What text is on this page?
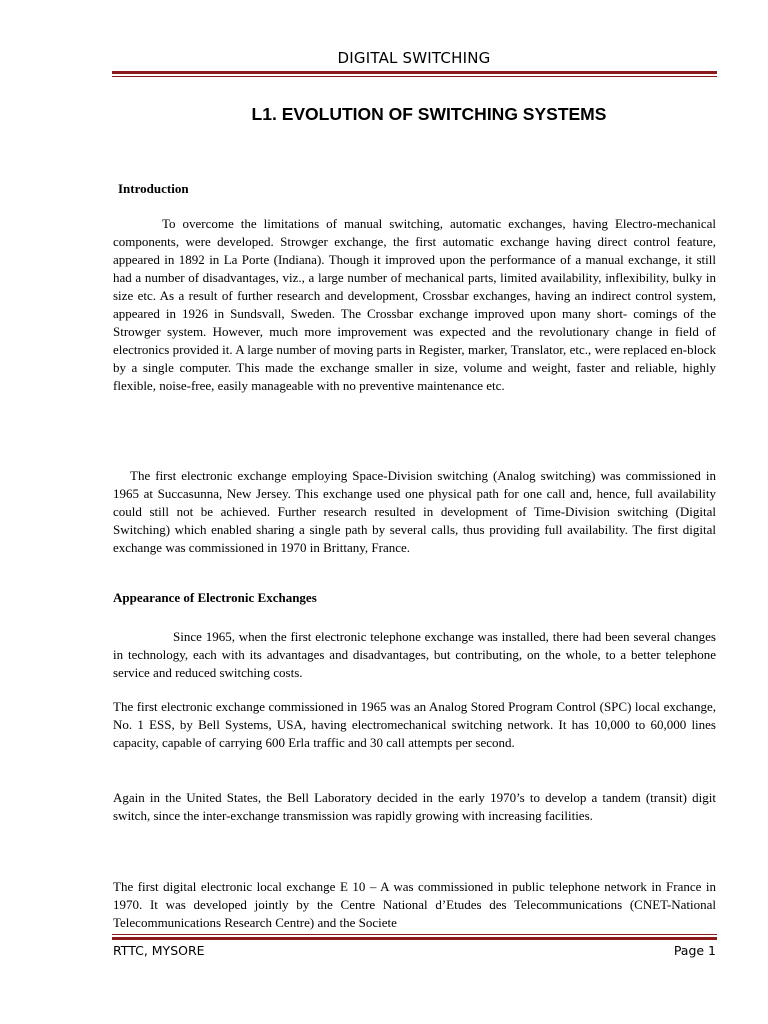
DIGITAL SWITCHING
L1. EVOLUTION OF SWITCHING SYSTEMS
Introduction

To overcome the limitations of manual switching, automatic exchanges, having Electro-mechanical components, were developed. Strowger exchange, the first automatic exchange having direct control feature, appeared in 1892 in La Porte (Indiana). Though it improved upon the performance of a manual exchange, it still had a number of disadvantages, viz., a large number of mechanical parts, limited availability, inflexibility, bulky in size etc. As a result of further research and development, Crossbar exchanges, having an indirect control system, appeared in 1926 in Sundsvall, Sweden. The Crossbar exchange improved upon many short- comings of the Strowger system. However, much more improvement was expected and the revolutionary change in field of electronics provided it. A large number of moving parts in Register, marker, Translator, etc., were replaced en-block by a single computer. This made the exchange smaller in size, volume and weight, faster and reliable, highly flexible, noise-free, easily manageable with no preventive maintenance etc.

The first electronic exchange employing Space-Division switching (Analog switching) was commissioned in 1965 at Succasunna, New Jersey. This exchange used one physical path for one call and, hence, full availability could still not be achieved. Further research resulted in development of Time-Division switching (Digital Switching) which enabled sharing a single path by several calls, thus providing full availability. The first digital exchange was commissioned in 1970 in Brittany, France.

Appearance of Electronic Exchanges

Since 1965, when the first electronic telephone exchange was installed, there had been several changes in technology, each with its advantages and disadvantages, but contributing, on the whole, to a better telephone service and reduced switching costs.

The first electronic exchange commissioned in 1965 was an Analog Stored Program Control (SPC) local exchange, No. 1 ESS, by Bell Systems, USA, having electromechanical switching network. It has 10,000 to 60,000 lines capacity, capable of carrying 600 Erla traffic and 30 call attempts per second.

Again in the United States, the Bell Laboratory decided in the early 1970’s to develop a tandem (transit) digit switch, since the inter-exchange transmission was rapidly growing with increasing facilities.

The first digital electronic local exchange E 10 – A was commissioned in public telephone network in France in 1970. It was developed jointly by the Centre National d’Etudes des Telecommunications (CNET-National Telecommunications Research Centre) and the Societe

RTTC, MYSORE	Page 1
